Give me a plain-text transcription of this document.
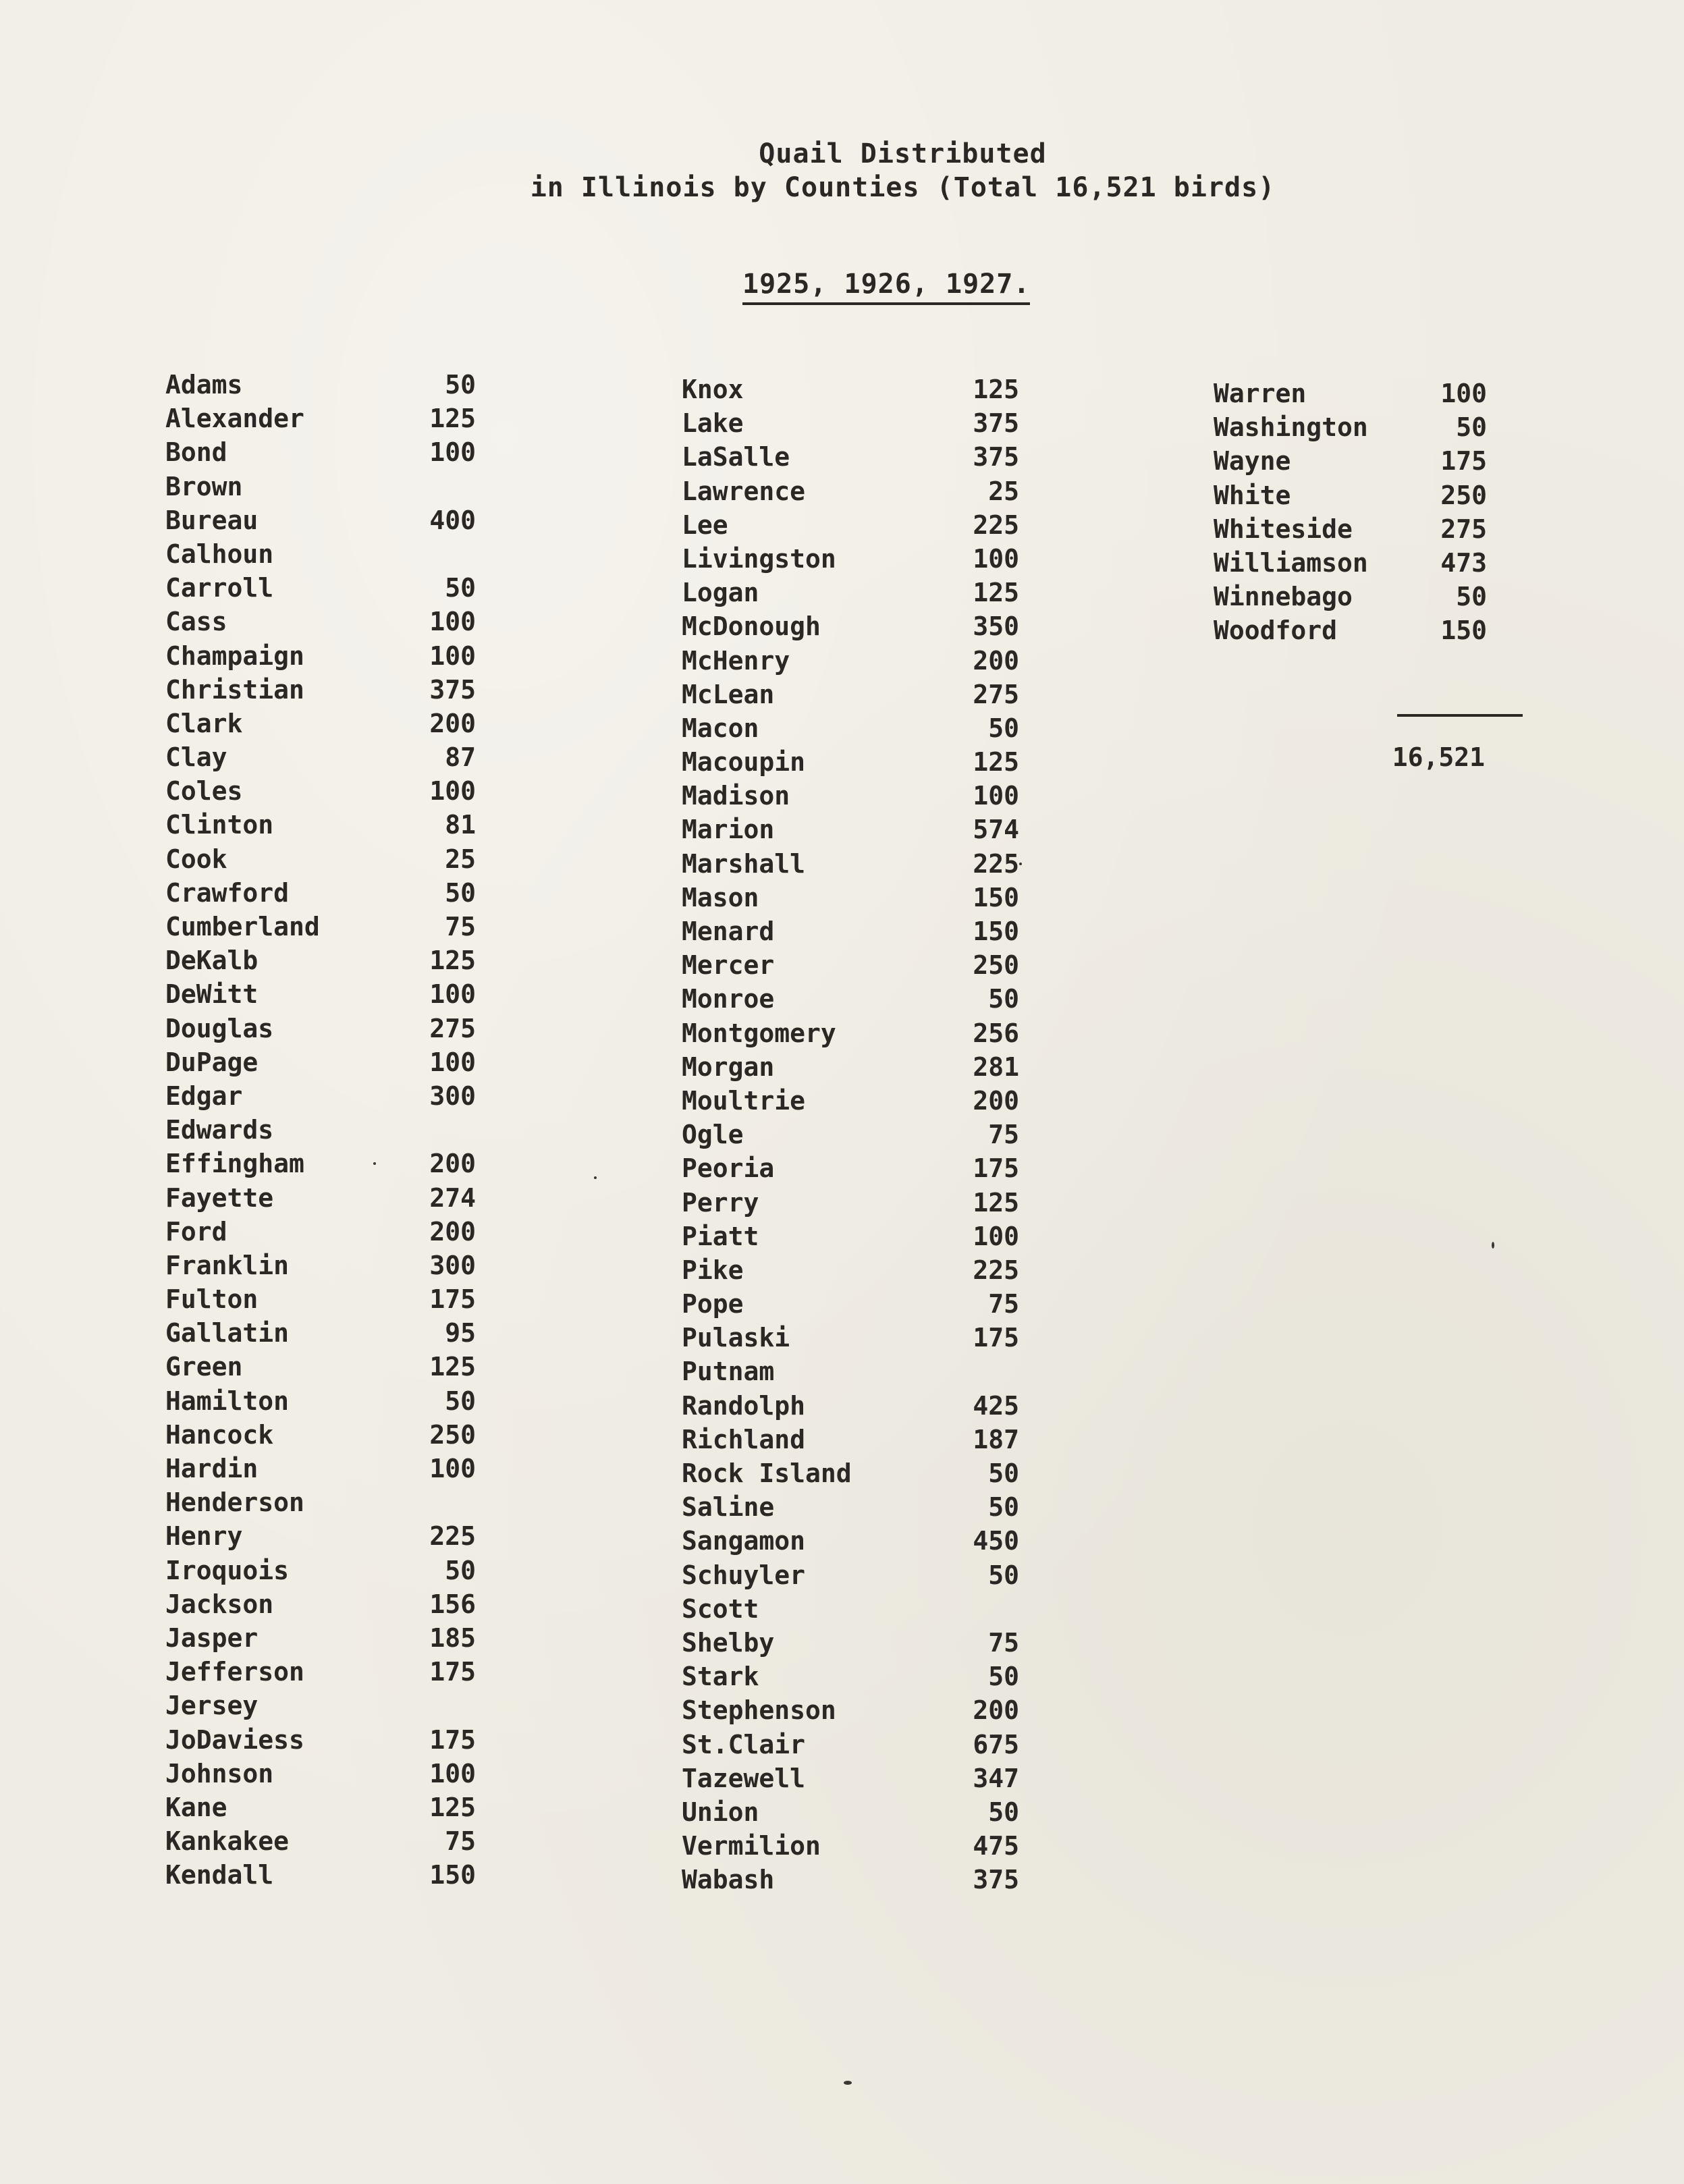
Quail Distributed
in Illinois by Counties (Total 16,521 birds)
1925, 1926, 1927.
Adams	50
Alexander	125
Bond	100
Brown
Bureau	400
Calhoun
Carroll	50
Cass	100
Champaign	100
Christian	375
Clark	200
Clay	87
Coles	100
Clinton	81
Cook	25
Crawford	50
Cumberland	75
DeKalb	125
DeWitt	100
Douglas	275
DuPage	100
Edgar	300
Edwards
Effingham	200
Fayette	274
Ford	200
Franklin	300
Fulton	175
Gallatin	95
Green	125
Hamilton	50
Hancock	250
Hardin	100
Henderson
Henry	225
Iroquois	50
Jackson	156
Jasper	185
Jefferson	175
Jersey
JoDaviess	175
Johnson	100
Kane	125
Kankakee	75
Kendall	150
Knox	125
Lake	375
LaSalle	375
Lawrence	25
Lee	225
Livingston	100
Logan	125
McDonough	350
McHenry	200
McLean	275
Macon	50
Macoupin	125
Madison	100
Marion	574
Marshall	225
Mason	150
Menard	150
Mercer	250
Monroe	50
Montgomery	256
Morgan	281
Moultrie	200
Ogle	75
Peoria	175
Perry	125
Piatt	100
Pike	225
Pope	75
Pulaski	175
Putnam
Randolph	425
Richland	187
Rock Island	50
Saline	50
Sangamon	450
Schuyler	50
Scott
Shelby	75
Stark	50
Stephenson	200
St.Clair	675
Tazewell	347
Union	50
Vermilion	475
Wabash	375
Warren	100
Washington	50
Wayne	175
White	250
Whiteside	275
Williamson	473
Winnebago	50
Woodford	150
16,521
